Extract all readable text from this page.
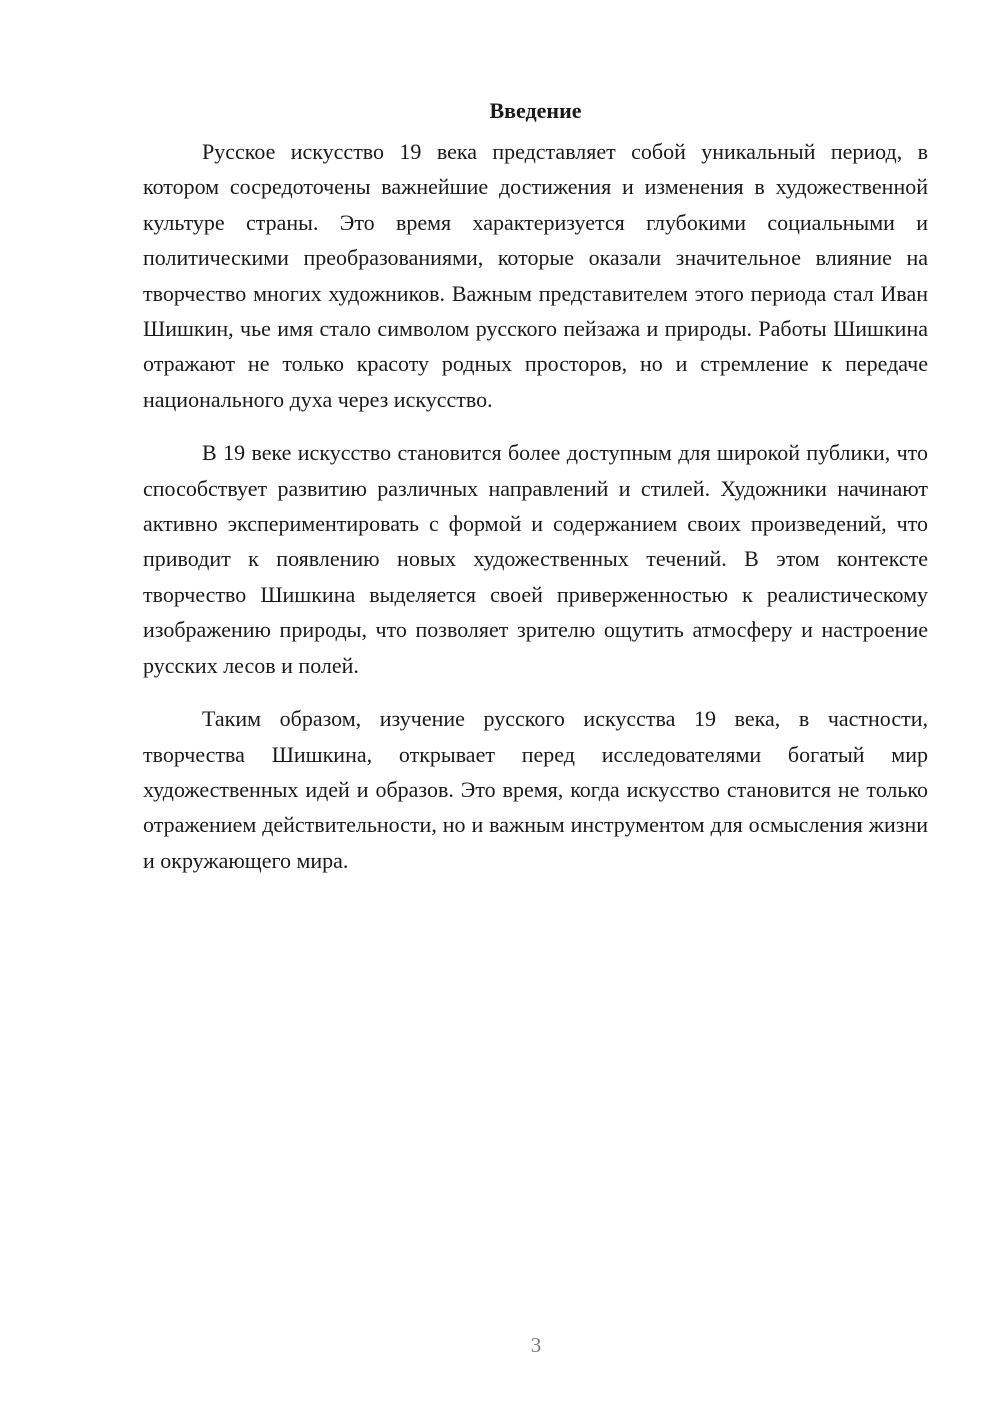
Введение

Русское искусство 19 века представляет собой уникальный период, в котором сосредоточены важнейшие достижения и изменения в художественной культуре страны. Это время характеризуется глубокими социальными и политическими преобразованиями, которые оказали значительное влияние на творчество многих художников. Важным представителем этого периода стал Иван Шишкин, чье имя стало символом русского пейзажа и природы. Работы Шишкина отражают не только красоту родных просторов, но и стремление к передаче национального духа через искусство.

В 19 веке искусство становится более доступным для широкой публики, что способствует развитию различных направлений и стилей. Художники начинают активно экспериментировать с формой и содержанием своих произведений, что приводит к появлению новых художественных течений. В этом контексте творчество Шишкина выделяется своей приверженностью к реалистическому изображению природы, что позволяет зрителю ощутить атмосферу и настроение русских лесов и полей.

Таким образом, изучение русского искусства 19 века, в частности, творчества Шишкина, открывает перед исследователями богатый мир художественных идей и образов. Это время, когда искусство становится не только отражением действительности, но и важным инструментом для осмысления жизни и окружающего мира.

3
